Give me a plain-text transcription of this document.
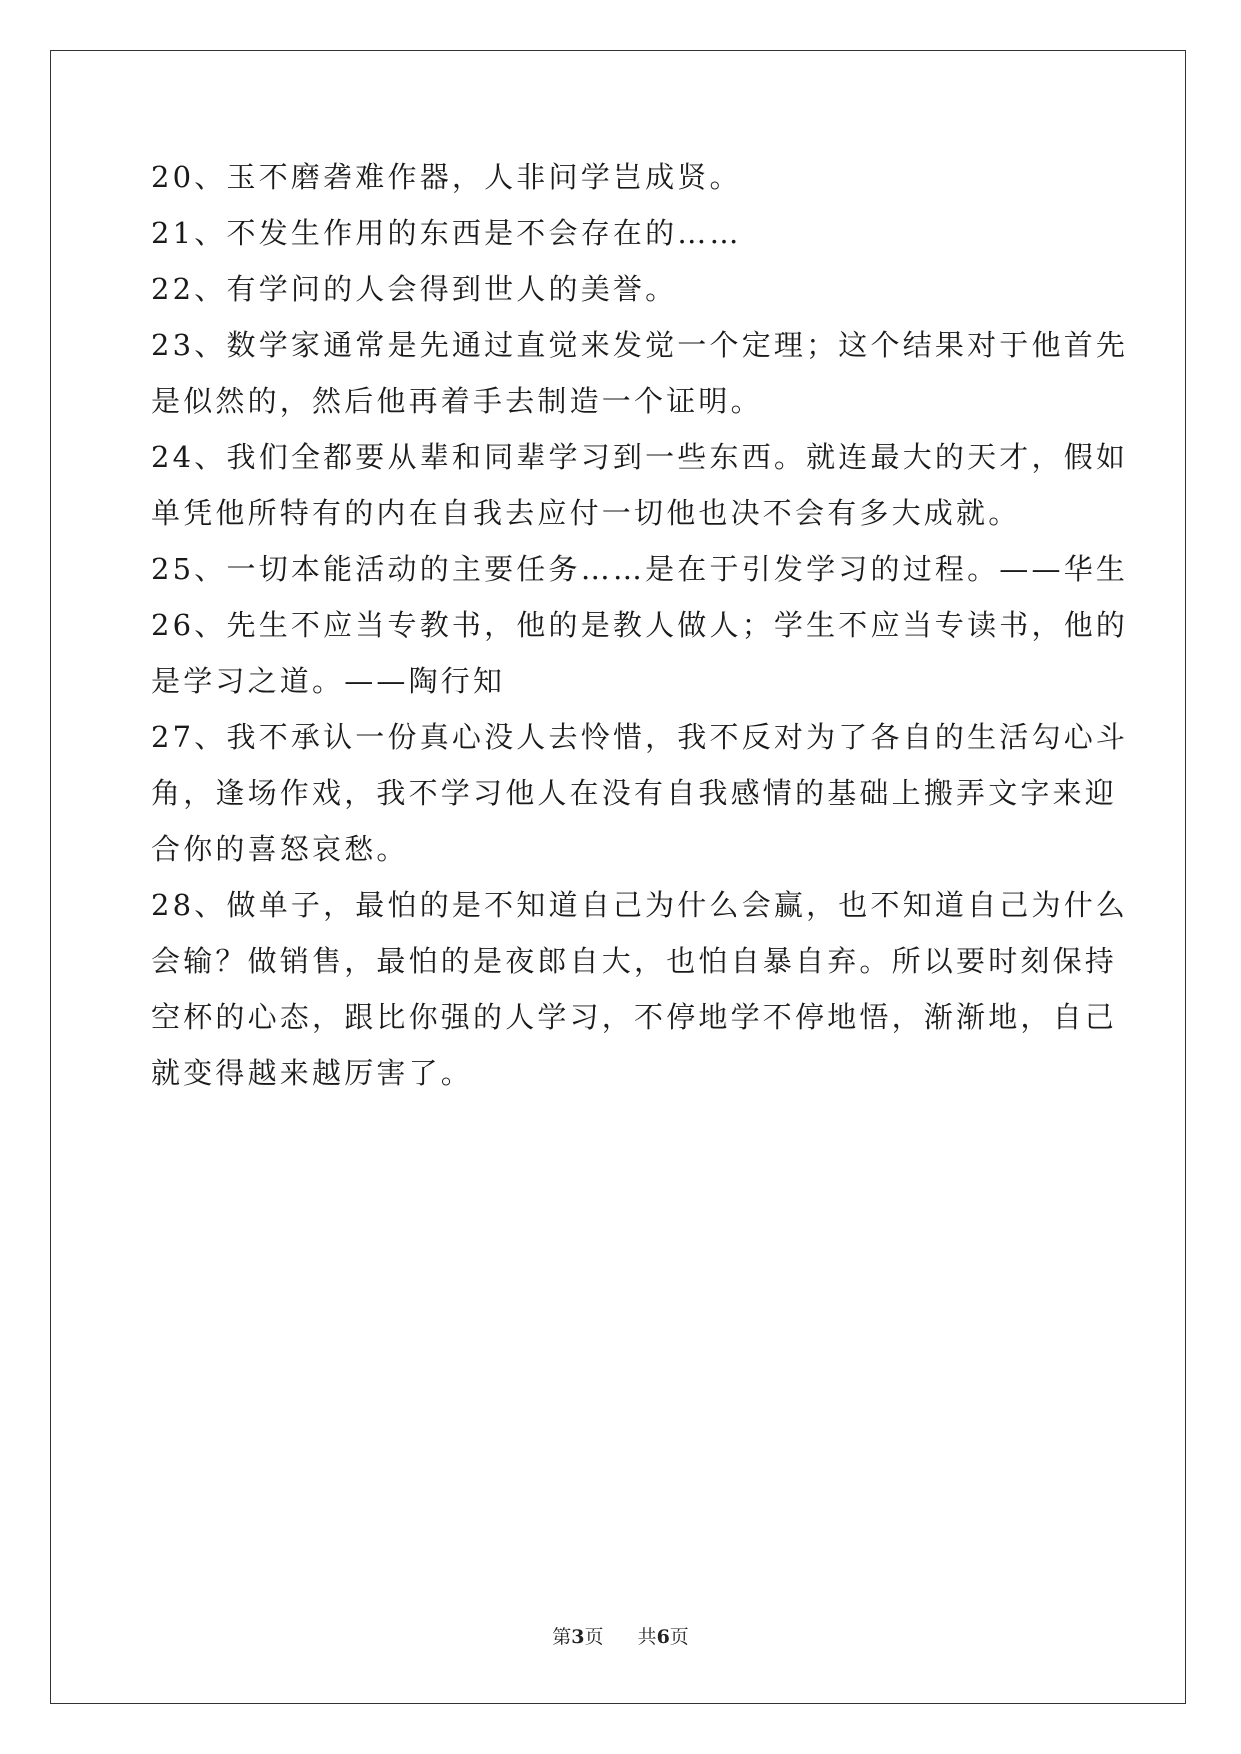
20、玉不磨砻难作器，人非问学岂成贤。

21、不发生作用的东西是不会存在的……

22、有学问的人会得到世人的美誉。

23、数学家通常是先通过直觉来发觉一个定理；这个结果对于他首先
是似然的，然后他再着手去制造一个证明。

24、我们全都要从辈和同辈学习到一些东西。就连最大的天才，假如
单凭他所特有的内在自我去应付一切他也决不会有多大成就。

25、一切本能活动的主要任务……是在于引发学习的过程。——华生

26、先生不应当专教书，他的是教人做人；学生不应当专读书，他的
是学习之道。——陶行知

27、我不承认一份真心没人去怜惜，我不反对为了各自的生活勾心斗
角，逢场作戏，我不学习他人在没有自我感情的基础上搬弄文字来迎
合你的喜怒哀愁。

28、做单子，最怕的是不知道自己为什么会赢，也不知道自己为什么
会输？做销售，最怕的是夜郎自大，也怕自暴自弃。所以要时刻保持
空杯的心态，跟比你强的人学习，不停地学不停地悟，渐渐地，自己
就变得越来越厉害了。

第3页 共6页
